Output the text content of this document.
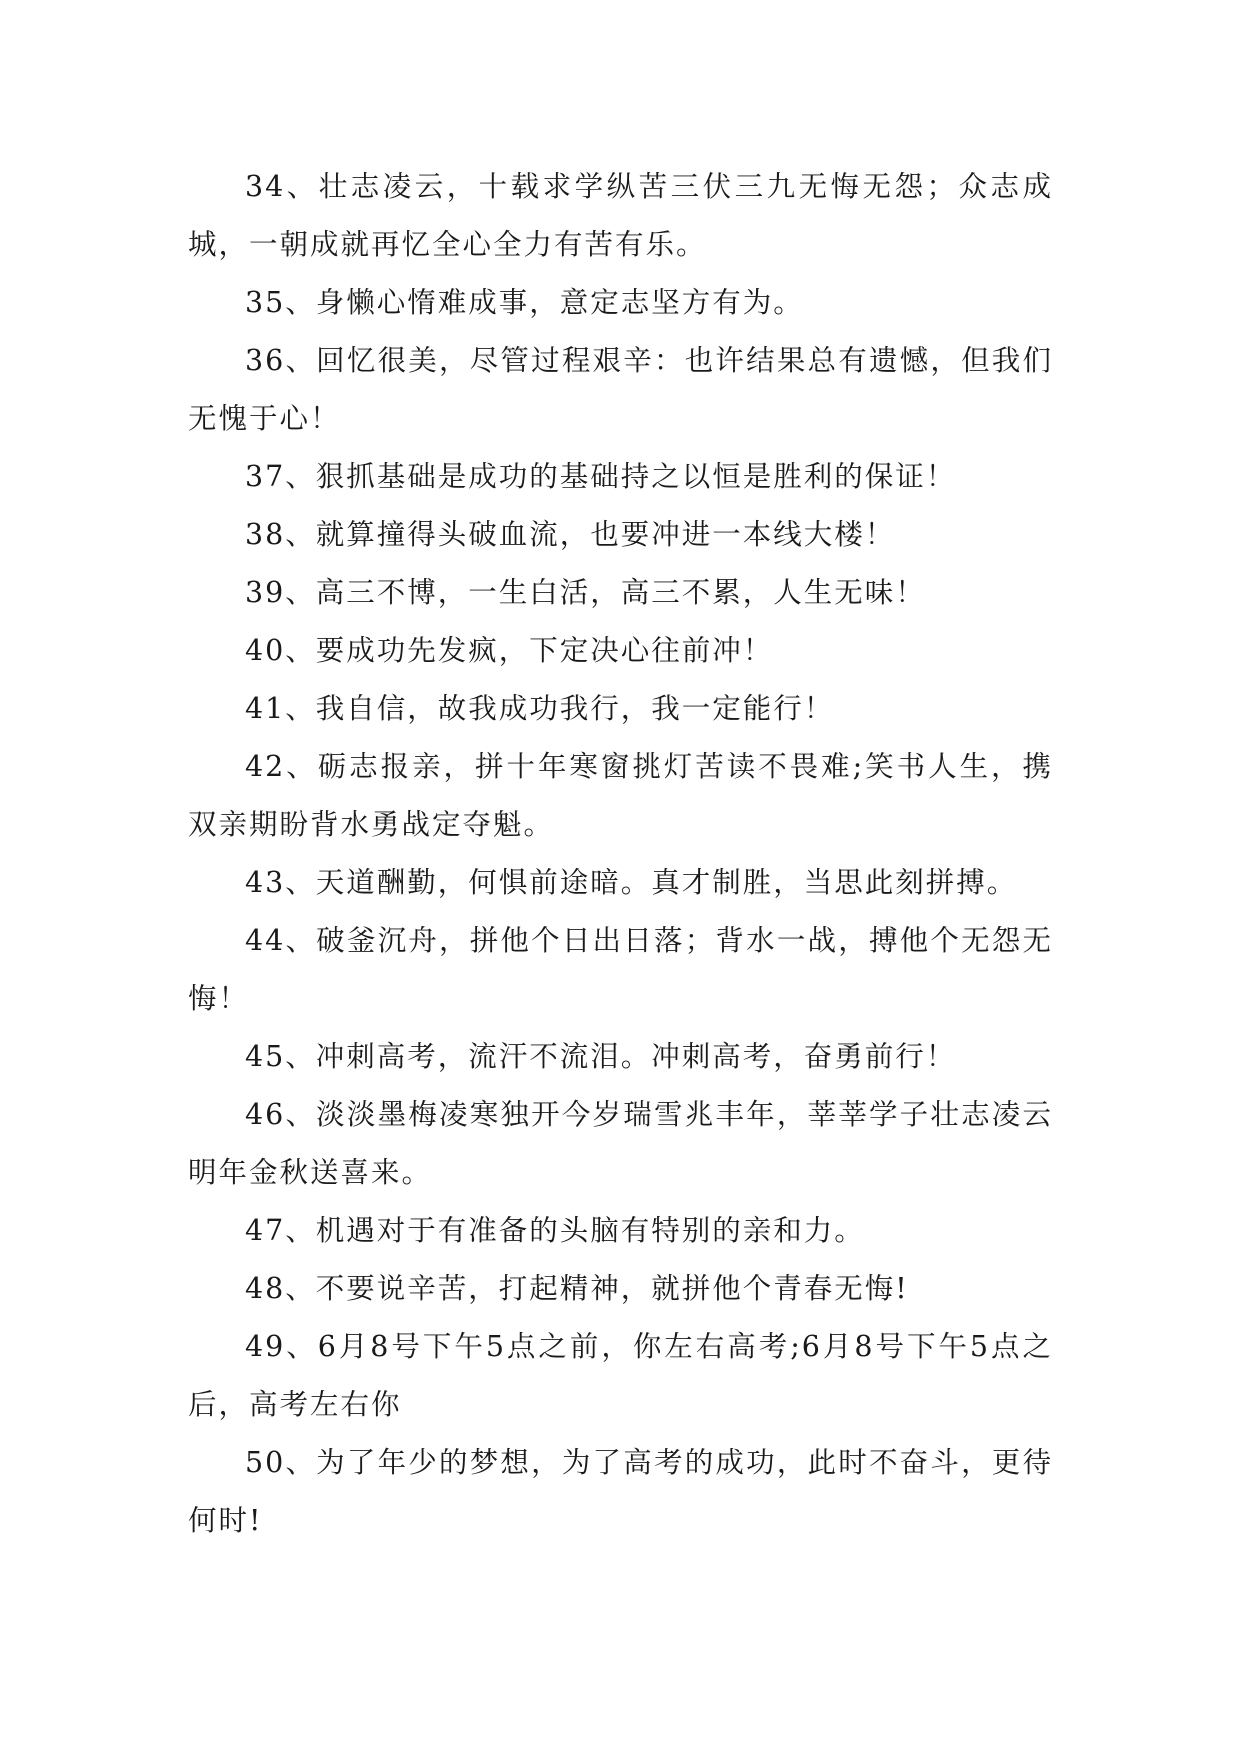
34、壮志凌云，十载求学纵苦三伏三九无悔无怨；众志成城，一朝成就再忆全心全力有苦有乐。

35、身懒心惰难成事，意定志坚方有为。

36、回忆很美，尽管过程艰辛：也许结果总有遗憾，但我们无愧于心！

37、狠抓基础是成功的基础持之以恒是胜利的保证！

38、就算撞得头破血流，也要冲进一本线大楼！

39、高三不博，一生白活，高三不累，人生无味！

40、要成功先发疯，下定决心往前冲！

41、我自信，故我成功我行，我一定能行！

42、砺志报亲，拼十年寒窗挑灯苦读不畏难;笑书人生，携双亲期盼背水勇战定夺魁。

43、天道酬勤，何惧前途暗。真才制胜，当思此刻拼搏。

44、破釜沉舟，拼他个日出日落；背水一战，搏他个无怨无悔！

45、冲刺高考，流汗不流泪。冲刺高考，奋勇前行！

46、淡淡墨梅凌寒独开今岁瑞雪兆丰年，莘莘学子壮志凌云明年金秋送喜来。

47、机遇对于有准备的头脑有特别的亲和力。

48、不要说辛苦，打起精神，就拼他个青春无悔!

49、6月8号下午5点之前，你左右高考;6月8号下午5点之后，高考左右你

50、为了年少的梦想，为了高考的成功，此时不奋斗，更待何时!
